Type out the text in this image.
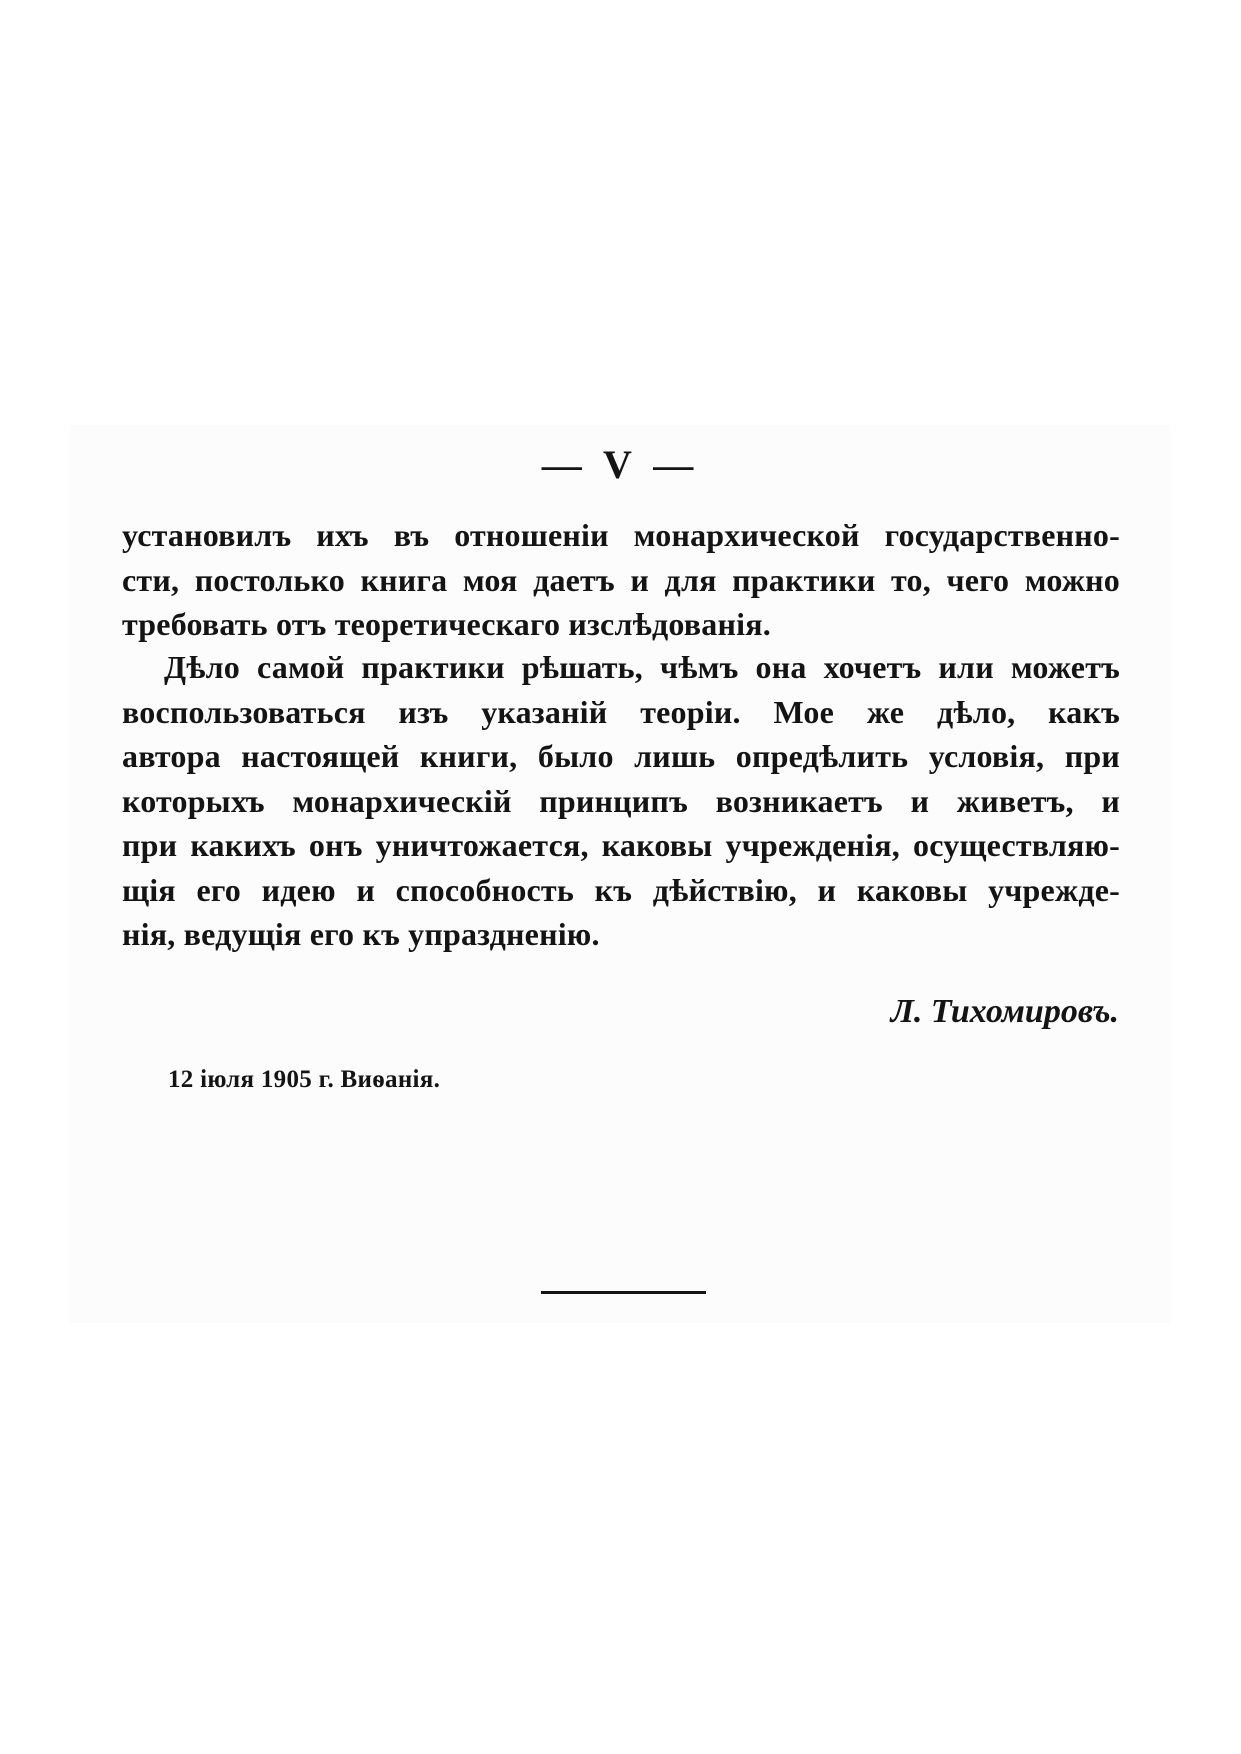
— V —
установилъ ихъ въ отношеніи монархической государственно-
сти, постолько книга моя даетъ и для практики то, чего можно
требовать отъ теоретическаго изслѣдованія.
Дѣло самой практики рѣшать, чѣмъ она хочетъ или можетъ
воспользоваться изъ указаній теоріи. Мое же дѣло, какъ
автора настоящей книги, было лишь опредѣлить условія, при
которыхъ монархическій принципъ возникаетъ и живетъ, и
при какихъ онъ уничтожается, каковы учрежденія, осуществляю-
щія его идею и способность къ дѣйствію, и каковы учрежде-
нія, ведущія его къ упраздненію.
Л. Тихомировъ.
12 іюля 1905 г. Виѳанія.
